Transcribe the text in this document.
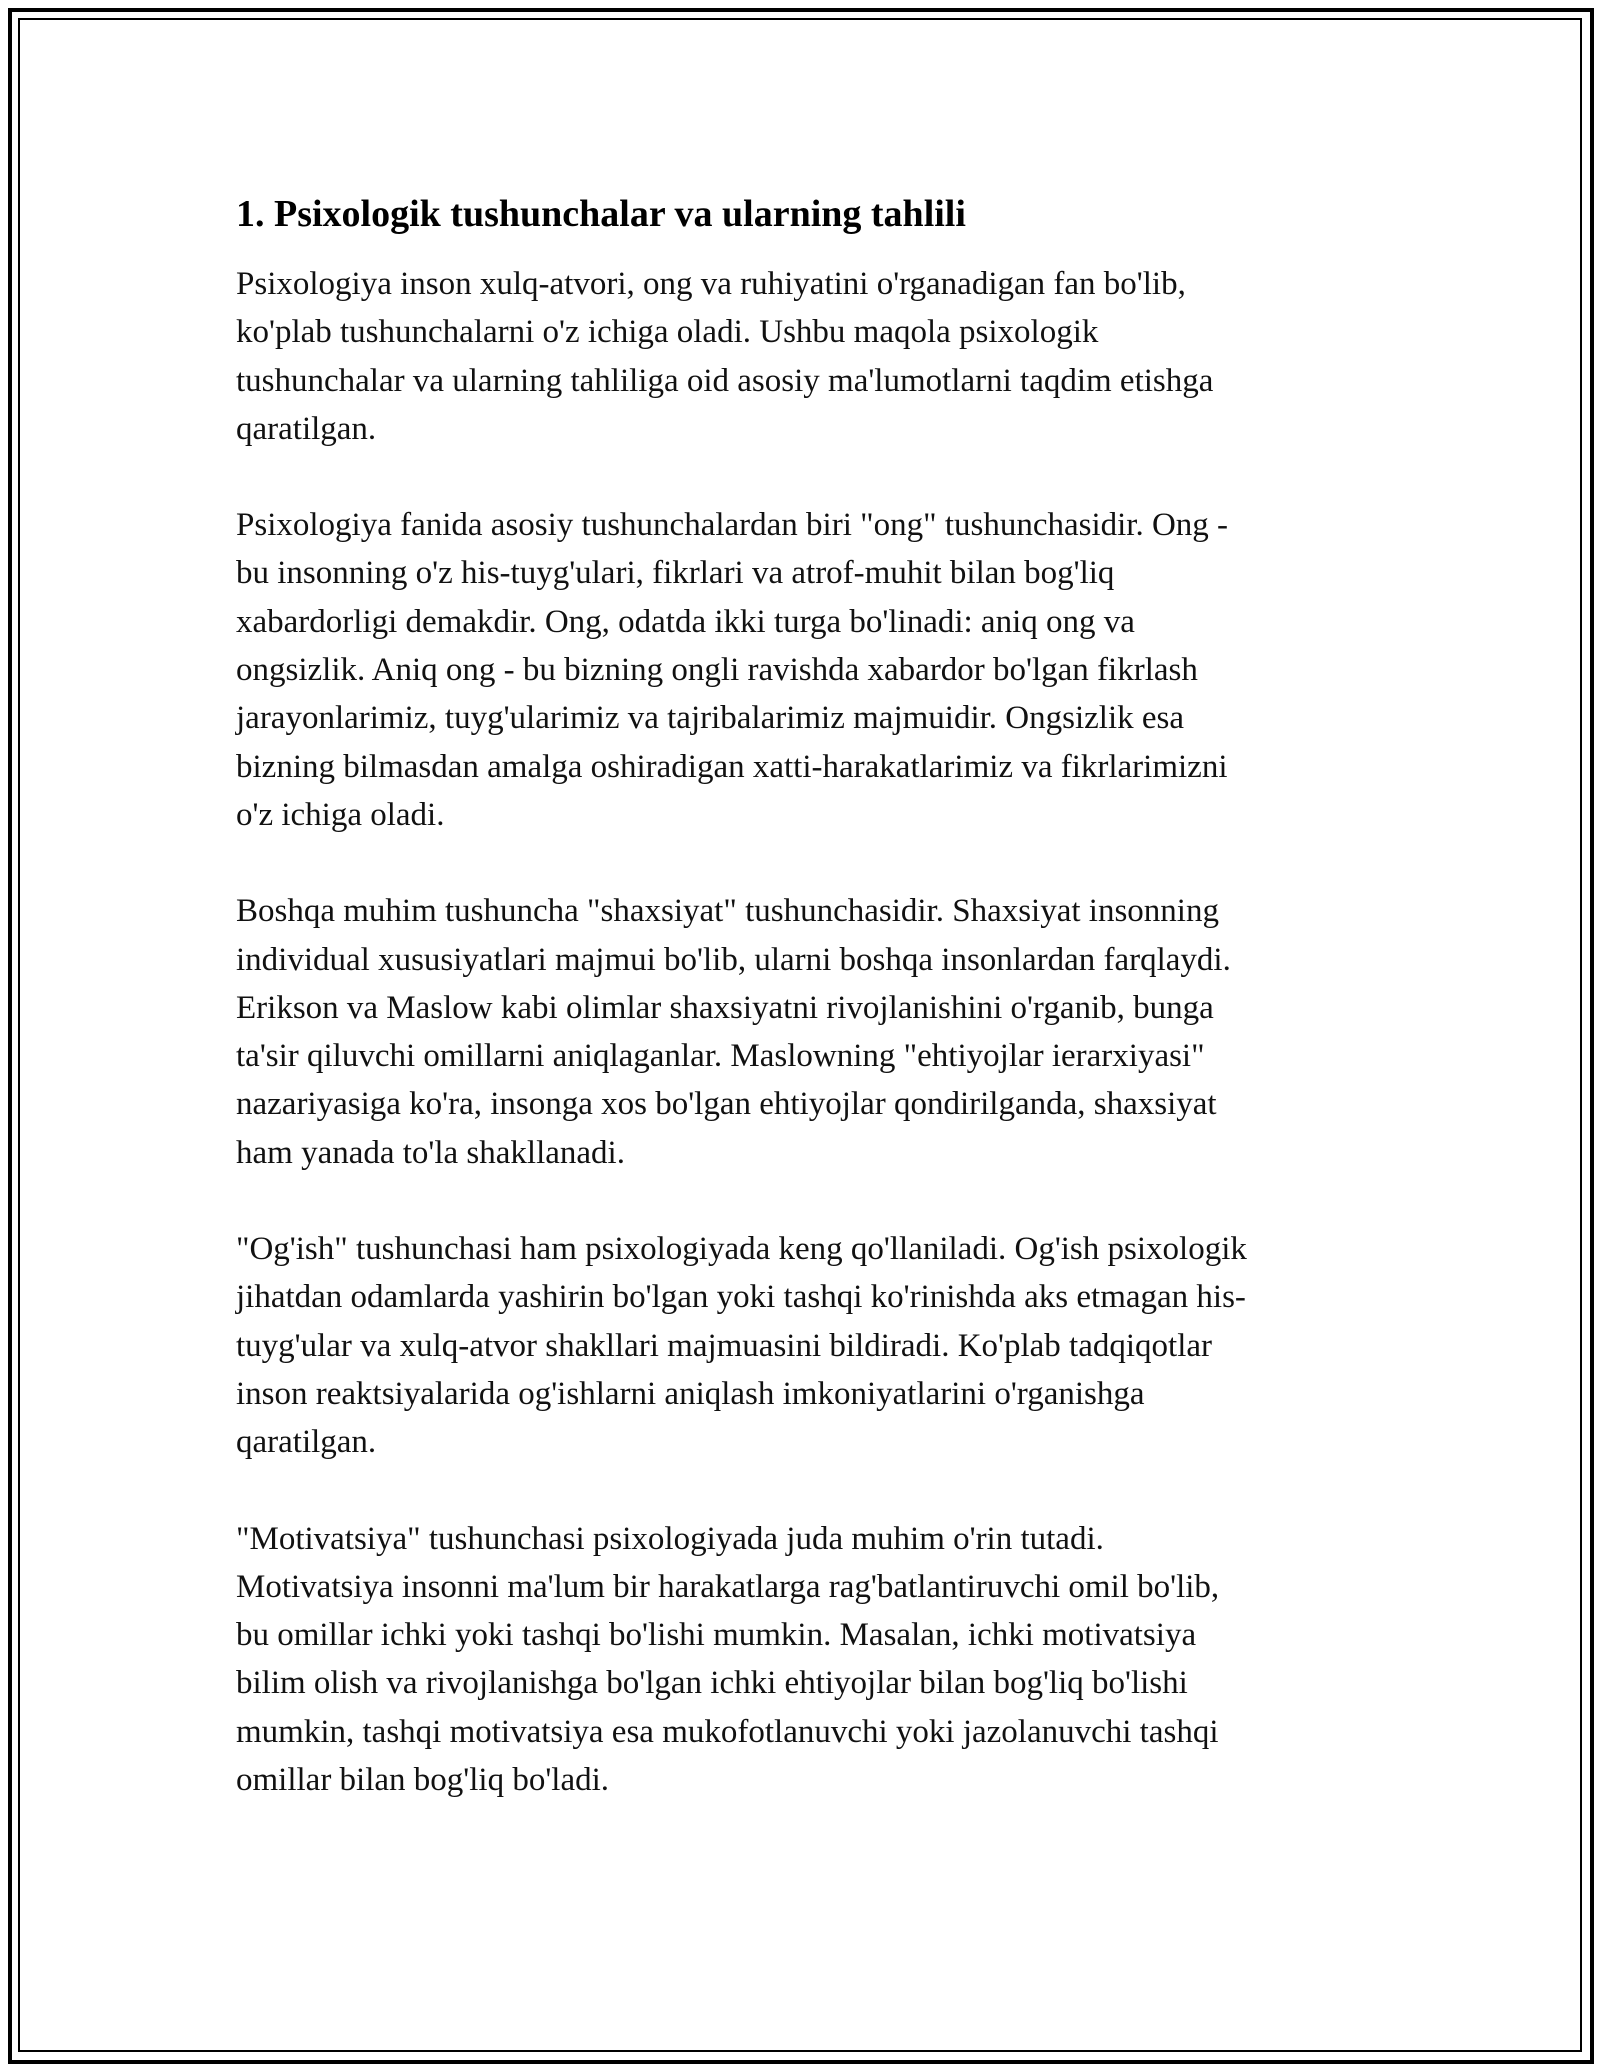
1. Psixologik tushunchalar va ularning tahlili

Psixologiya inson xulq-atvori, ong va ruhiyatini o'rganadigan fan bo'lib,
ko'plab tushunchalarni o'z ichiga oladi. Ushbu maqola psixologik
tushunchalar va ularning tahliliga oid asosiy ma'lumotlarni taqdim etishga
qaratilgan.

Psixologiya fanida asosiy tushunchalardan biri "ong" tushunchasidir. Ong -
bu insonning o'z his-tuyg'ulari, fikrlari va atrof-muhit bilan bog'liq
xabardorligi demakdir. Ong, odatda ikki turga bo'linadi: aniq ong va
ongsizlik. Aniq ong - bu bizning ongli ravishda xabardor bo'lgan fikrlash
jarayonlarimiz, tuyg'ularimiz va tajribalarimiz majmuidir. Ongsizlik esa
bizning bilmasdan amalga oshiradigan xatti-harakatlarimiz va fikrlarimizni
o'z ichiga oladi.

Boshqa muhim tushuncha "shaxsiyat" tushunchasidir. Shaxsiyat insonning
individual xususiyatlari majmui bo'lib, ularni boshqa insonlardan farqlaydi.
Erikson va Maslow kabi olimlar shaxsiyatni rivojlanishini o'rganib, bunga
ta'sir qiluvchi omillarni aniqlaganlar. Maslowning "ehtiyojlar ierarxiyasi"
nazariyasiga ko'ra, insonga xos bo'lgan ehtiyojlar qondirilganda, shaxsiyat
ham yanada to'la shakllanadi.

"Og'ish" tushunchasi ham psixologiyada keng qo'llaniladi. Og'ish psixologik
jihatdan odamlarda yashirin bo'lgan yoki tashqi ko'rinishda aks etmagan his-
tuyg'ular va xulq-atvor shakllari majmuasini bildiradi. Ko'plab tadqiqotlar
inson reaktsiyalarida og'ishlarni aniqlash imkoniyatlarini o'rganishga
qaratilgan.

"Motivatsiya" tushunchasi psixologiyada juda muhim o'rin tutadi.
Motivatsiya insonni ma'lum bir harakatlarga rag'batlantiruvchi omil bo'lib,
bu omillar ichki yoki tashqi bo'lishi mumkin. Masalan, ichki motivatsiya
bilim olish va rivojlanishga bo'lgan ichki ehtiyojlar bilan bog'liq bo'lishi
mumkin, tashqi motivatsiya esa mukofotlanuvchi yoki jazolanuvchi tashqi
omillar bilan bog'liq bo'ladi.
